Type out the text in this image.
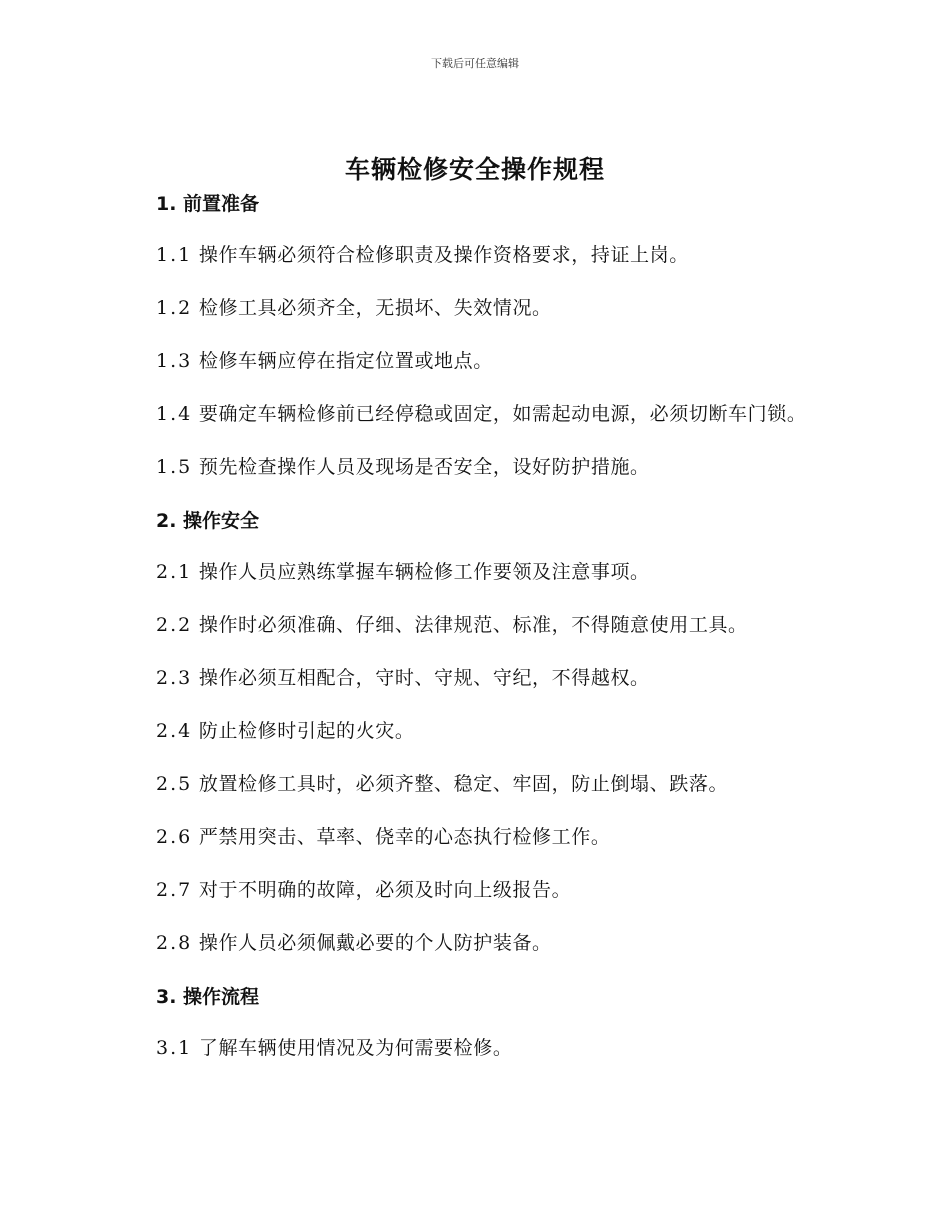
下载后可任意编辑
车辆检修安全操作规程

1. 前置准备

1.1 操作车辆必须符合检修职责及操作资格要求，持证上岗。

1.2 检修工具必须齐全，无损坏、失效情况。

1.3 检修车辆应停在指定位置或地点。

1.4 要确定车辆检修前已经停稳或固定，如需起动电源，必须切断车门锁。

1.5 预先检查操作人员及现场是否安全，设好防护措施。

2. 操作安全

2.1 操作人员应熟练掌握车辆检修工作要领及注意事项。

2.2 操作时必须准确、仔细、法律规范、标准，不得随意使用工具。

2.3 操作必须互相配合，守时、守规、守纪，不得越权。

2.4 防止检修时引起的火灾。

2.5 放置检修工具时，必须齐整、稳定、牢固，防止倒塌、跌落。

2.6 严禁用突击、草率、侥幸的心态执行检修工作。

2.7 对于不明确的故障，必须及时向上级报告。

2.8 操作人员必须佩戴必要的个人防护装备。

3. 操作流程

3.1 了解车辆使用情况及为何需要检修。
